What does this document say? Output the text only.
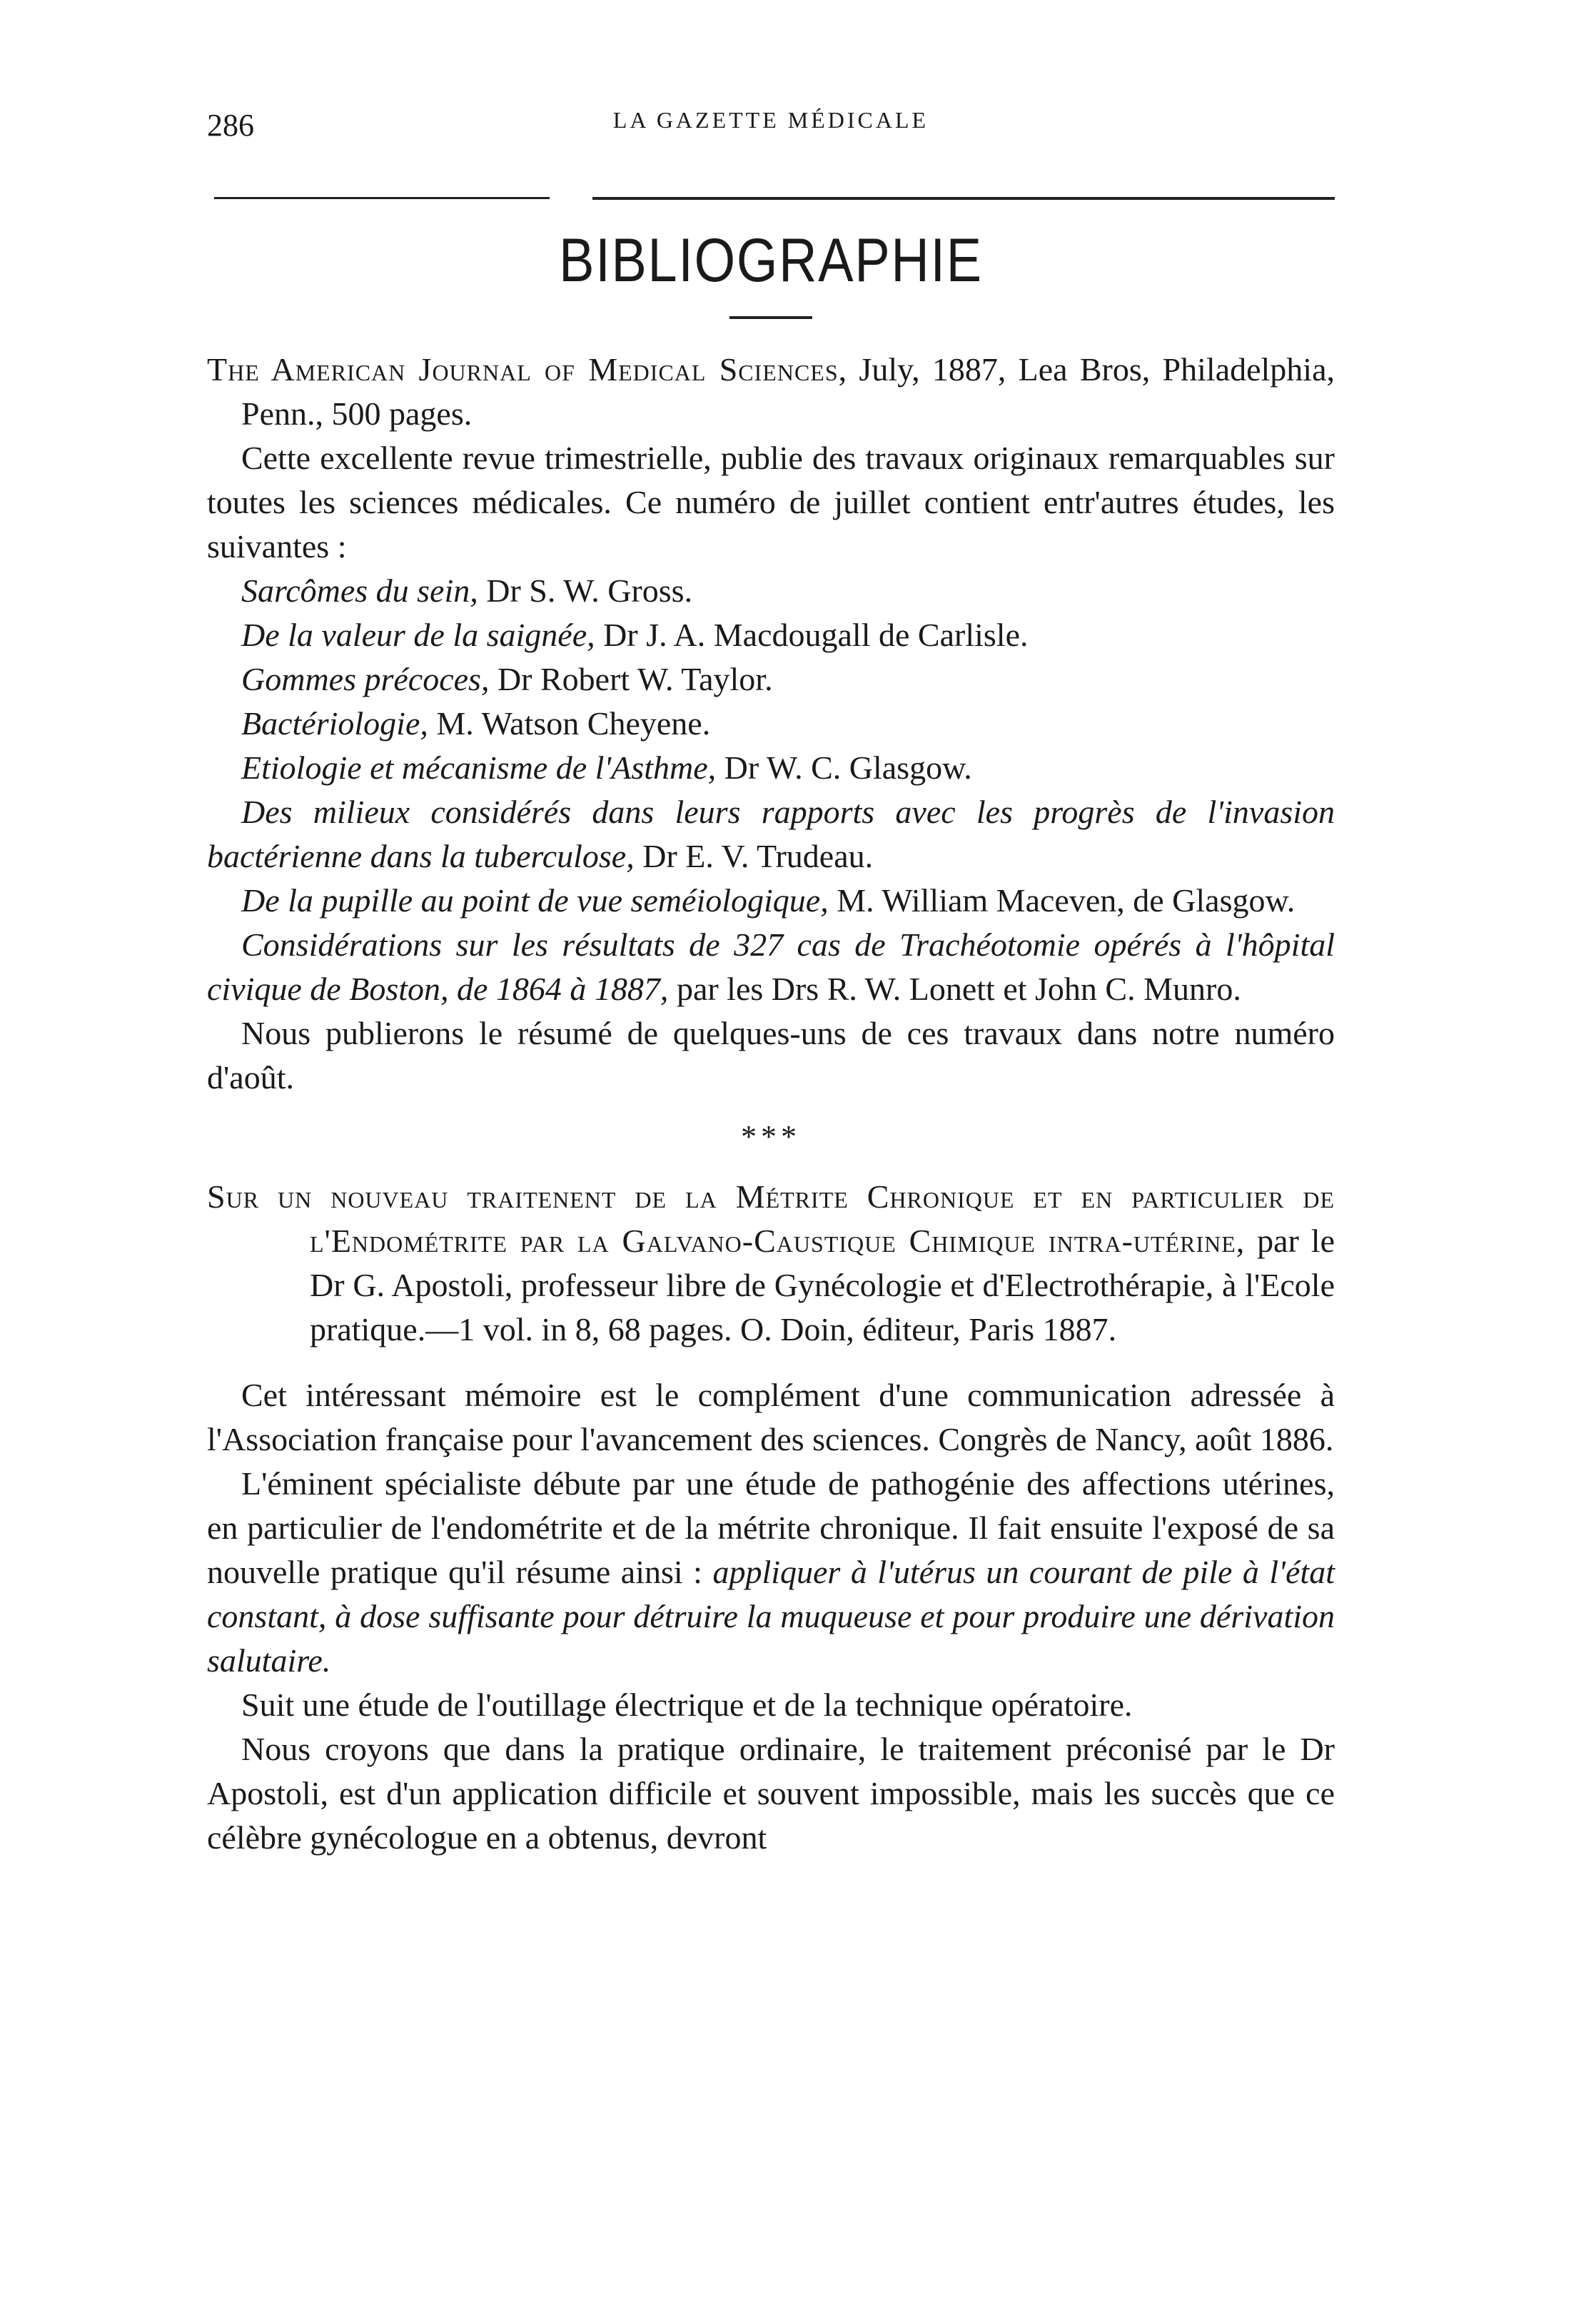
286	LA GAZETTE MÉDICALE
BIBLIOGRAPHIE

The American Journal of Medical Sciences, July, 1887, Lea Bros, Philadelphia, Penn., 500 pages.

Cette excellente revue trimestrielle, publie des travaux originaux remarquables sur toutes les sciences médicales. Ce numéro de juillet contient entr'autres études, les suivantes :

Sarcômes du sein, Dr S. W. Gross.

De la valeur de la saignée, Dr J. A. Macdougall de Carlisle.

Gommes précoces, Dr Robert W. Taylor.

Bactériologie, M. Watson Cheyene.

Etiologie et mécanisme de l'Asthme, Dr W. C. Glasgow.

Des milieux considérés dans leurs rapports avec les progrès de l'invasion bactérienne dans la tuberculose, Dr E. V. Trudeau.

De la pupille au point de vue seméiologique, M. William Maceven, de Glasgow.

Considérations sur les résultats de 327 cas de Trachéotomie opérés à l'hôpital civique de Boston, de 1864 à 1887, par les Drs R. W. Lonett et John C. Munro.

Nous publierons le résumé de quelques-uns de ces travaux dans notre numéro d'août.

***

Sur un nouveau traitenent de la Métrite Chronique et en particulier de l'Endométrite par la Galvano-Caustique Chimique intra-utérine, par le Dr G. Apostoli, professeur libre de Gynécologie et d'Electrothérapie, à l'Ecole pratique.—1 vol. in 8, 68 pages. O. Doin, éditeur, Paris 1887.

Cet intéressant mémoire est le complément d'une communication adressée à l'Association française pour l'avancement des sciences. Congrès de Nancy, août 1886.

L'éminent spécialiste débute par une étude de pathogénie des affections utérines, en particulier de l'endométrite et de la métrite chronique. Il fait ensuite l'exposé de sa nouvelle pratique qu'il résume ainsi : appliquer à l'utérus un courant de pile à l'état constant, à dose suffisante pour détruire la muqueuse et pour produire une dérivation salutaire.

Suit une étude de l'outillage électrique et de la technique opératoire.

Nous croyons que dans la pratique ordinaire, le traitement préconisé par le Dr Apostoli, est d'un application difficile et souvent impossible, mais les succès que ce célèbre gynécologue en a obtenus, devront
